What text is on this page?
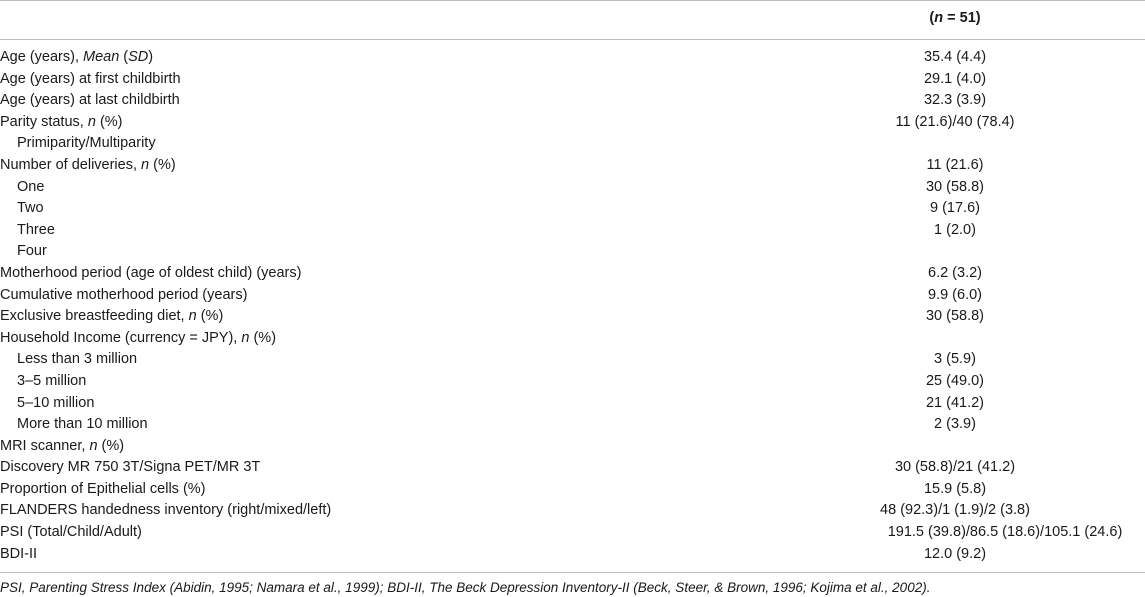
(n = 51)
Age (years), Mean (SD)	35.4 (4.4)
Age (years) at first childbirth	29.1 (4.0)
Age (years) at last childbirth	32.3 (3.9)
Parity status, n (%)	11 (21.6)/40 (78.4)
Primiparity/Multiparity
Number of deliveries, n (%)	11 (21.6)
One	30 (58.8)
Two	9 (17.6)
Three	1 (2.0)
Four
Motherhood period (age of oldest child) (years)	6.2 (3.2)
Cumulative motherhood period (years)	9.9 (6.0)
Exclusive breastfeeding diet, n (%)	30 (58.8)
Household Income (currency = JPY), n (%)
Less than 3 million	3 (5.9)
3–5 million	25 (49.0)
5–10 million	21 (41.2)
More than 10 million	2 (3.9)
MRI scanner, n (%)
Discovery MR 750 3T/Signa PET/MR 3T	30 (58.8)/21 (41.2)
Proportion of Epithelial cells (%)	15.9 (5.8)
FLANDERS handedness inventory (right/mixed/left)	48 (92.3)/1 (1.9)/2 (3.8)
PSI (Total/Child/Adult)	191.5 (39.8)/86.5 (18.6)/105.1 (24.6)
BDI-II	12.0 (9.2)
PSI, Parenting Stress Index (Abidin, 1995; Namara et al., 1999); BDI-II, The Beck Depression Inventory-II (Beck, Steer, & Brown, 1996; Kojima et al., 2002).
